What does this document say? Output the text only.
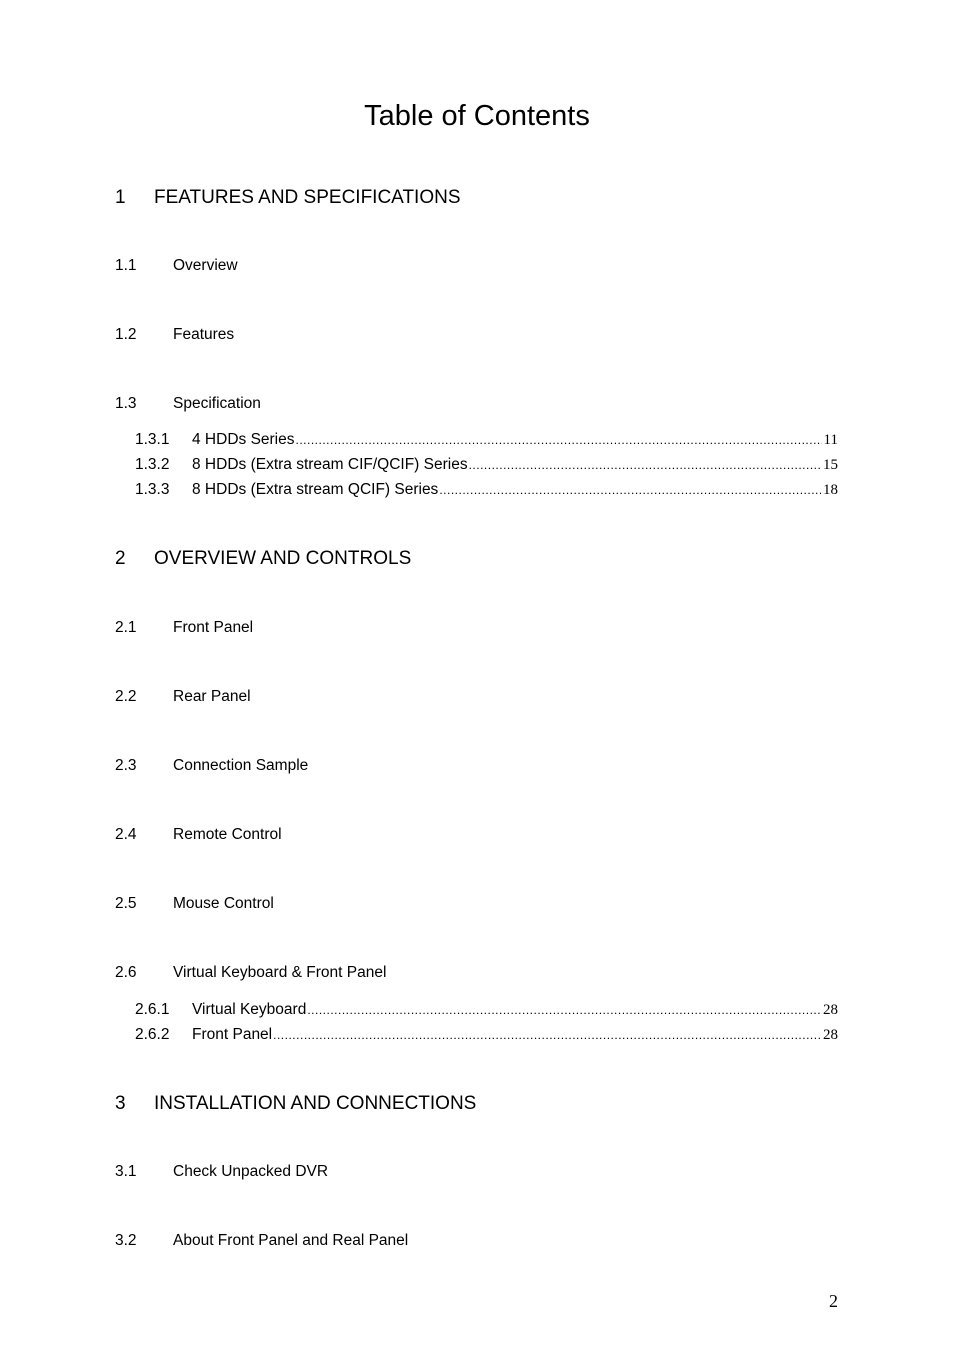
Table of Contents
1 FEATURES AND SPECIFICATIONS
1.1 Overview
1.2 Features
1.3 Specification
1.3.1 4 HDDs Series .....	11
1.3.2 8 HDDs (Extra stream CIF/QCIF) Series .....	15
1.3.3 8 HDDs (Extra stream QCIF) Series .....	18
2 OVERVIEW AND CONTROLS
2.1 Front Panel
2.2 Rear Panel
2.3 Connection Sample
2.4 Remote Control
2.5 Mouse Control
2.6 Virtual Keyboard & Front Panel
2.6.1 Virtual Keyboard .....	28
2.6.2 Front Panel .....	28
3 INSTALLATION AND CONNECTIONS
3.1 Check Unpacked DVR
3.2 About Front Panel and Real Panel
2
